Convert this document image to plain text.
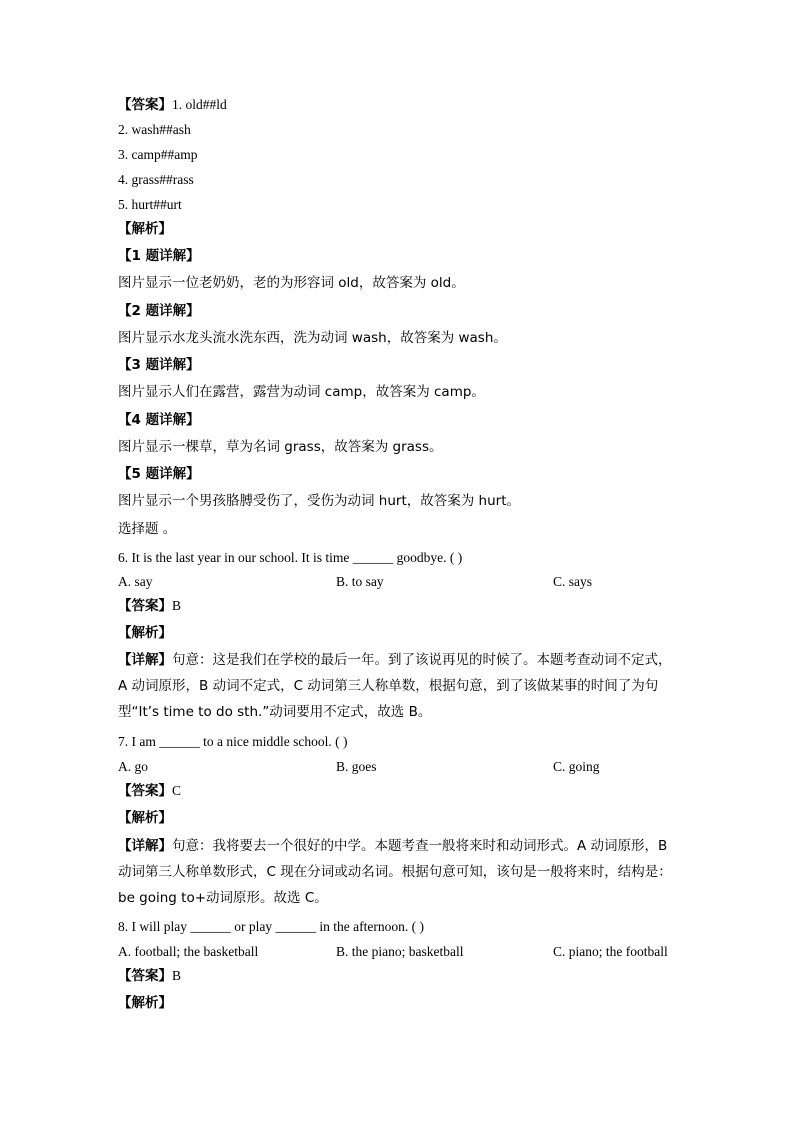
【答案】1. old##ld
2. wash##ash
3. camp##amp
4. grass##rass
5. hurt##urt
【解析】
【1 题详解】
图片显示一位老奶奶，老的为形容词 old，故答案为 old。
【2 题详解】
图片显示水龙头流水洗东西，洗为动词 wash，故答案为 wash。
【3 题详解】
图片显示人们在露营，露营为动词 camp，故答案为 camp。
【4 题详解】
图片显示一棵草，草为名词 grass，故答案为 grass。
【5 题详解】
图片显示一个男孩胳膊受伤了，受伤为动词 hurt，故答案为 hurt。
选择题 。
6. It is the last year in our school. It is time ______ goodbye. ( )
A. say	B. to say	C. says
【答案】B
【解析】
【详解】句意：这是我们在学校的最后一年。到了该说再见的时候了。本题考查动词不定式，A 动词原形，B 动词不定式，C 动词第三人称单数，根据句意，到了该做某事的时间了为句型“It’s time to do sth.”动词要用不定式，故选 B。
7. I am ______ to a nice middle school. ( )
A. go	B. goes	C. going
【答案】C
【解析】
【详解】句意：我将要去一个很好的中学。本题考查一般将来时和动词形式。A 动词原形，B 动词第三人称单数形式，C 现在分词或动名词。根据句意可知，该句是一般将来时，结构是：be going to+动词原形。故选 C。
8. I will play ______ or play ______ in the afternoon. ( )
A. football; the basketball	B. the piano; basketball	C. piano; the football
【答案】B
【解析】
